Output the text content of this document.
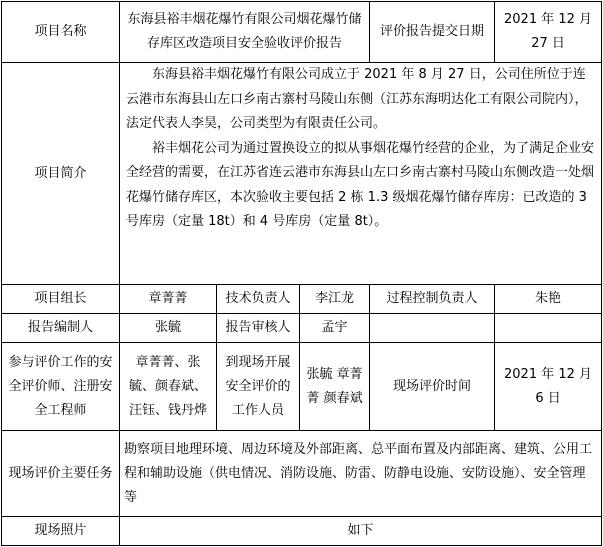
项目名称	东海县裕丰烟花爆竹有限公司烟花爆竹储存库区改造项目安全验收评价报告			评价报告提交日期	2021 年 12 月 27 日
项目简介	东海县裕丰烟花爆竹有限公司成立于 2021 年 8 月 27 日，公司住所位于连云港市东海县山左口乡南古寨村马陵山东侧（江苏东海明达化工有限公司院内），法定代表人李昊，公司类型为有限责任公司。

裕丰烟花公司为通过置换设立的拟从事烟花爆竹经营的企业，为了满足企业安全经营的需要，在江苏省连云港市东海县山左口乡南古寨村马陵山东侧改造一处烟花爆竹储存库区，本次验收主要包括 2 栋 1.3 级烟花爆竹储存库房：已改造的 3 号库房（定量 18t）和 4 号库房（定量 8t）。				

项目组长	章菁菁	技术负责人	李江龙	过程控制负责人	朱艳
报告编制人	张毓	报告审核人	孟宇		
参与评价工作的安全评价师、注册安全工程师	章菁菁、张毓、颜春斌、汪钰、钱丹烨	到现场开展安全评价的工作人员	张毓 章菁菁 颜春斌	现场评价时间	2021 年 12 月 6 日
现场评价主要任务	勘察项目地理环境、周边环境及外部距离、总平面布置及内部距离、建筑、公用工程和辅助设施（供电情况、消防设施、防雷、防静电设施、安防设施）、安全管理等				
现场照片	如下				
